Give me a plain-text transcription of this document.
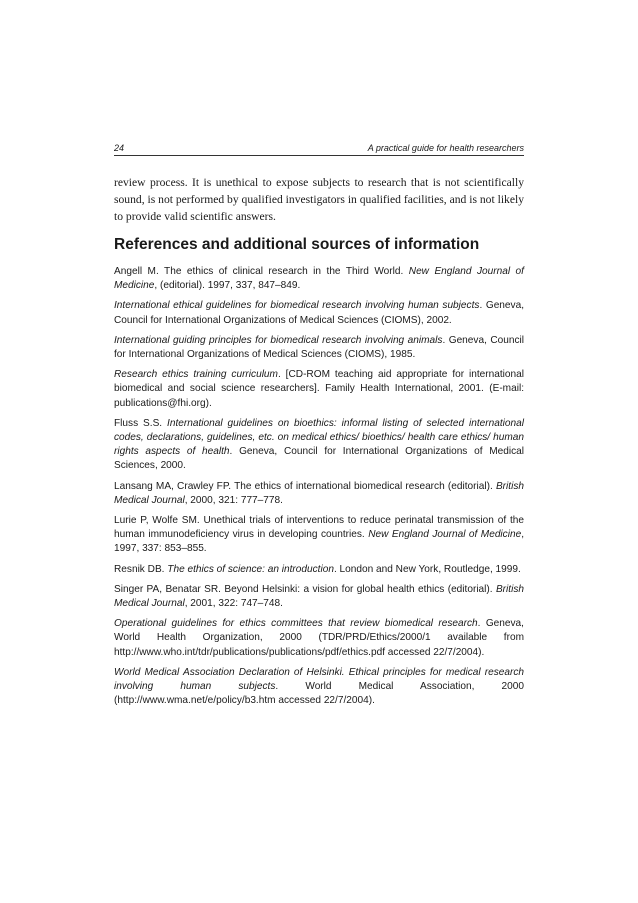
24	A practical guide for health researchers

review process. It is unethical to expose subjects to research that is not scientifically sound, is not performed by qualified investigators in qualified facilities, and is not likely to provide valid scientific answers.

References and additional sources of information
Angell M. The ethics of clinical research in the Third World. New England Journal of Medicine, (editorial). 1997, 337, 847–849.
International ethical guidelines for biomedical research involving human subjects. Geneva, Council for International Organizations of Medical Sciences (CIOMS), 2002.
International guiding principles for biomedical research involving animals. Geneva, Council for International Organizations of Medical Sciences (CIOMS), 1985.
Research ethics training curriculum. [CD-ROM teaching aid appropriate for international biomedical and social science researchers]. Family Health International, 2001. (E-mail: publications@fhi.org).
Fluss S.S. International guidelines on bioethics: informal listing of selected international codes, declarations, guidelines, etc. on medical ethics/ bioethics/ health care ethics/ human rights aspects of health. Geneva, Council for International Organizations of Medical Sciences, 2000.
Lansang MA, Crawley FP. The ethics of international biomedical research (editorial). British Medical Journal, 2000, 321: 777–778.
Lurie P, Wolfe SM. Unethical trials of interventions to reduce perinatal transmission of the human immunodeficiency virus in developing countries. New England Journal of Medicine, 1997, 337: 853–855.
Resnik DB. The ethics of science: an introduction. London and New York, Routledge, 1999.
Singer PA, Benatar SR. Beyond Helsinki: a vision for global health ethics (editorial). British Medical Journal, 2001, 322: 747–748.
Operational guidelines for ethics committees that review biomedical research. Geneva, World Health Organization, 2000 (TDR/PRD/Ethics/2000/1 available from http://www.who.int/tdr/publications/publications/pdf/ethics.pdf accessed 22/7/2004).
World Medical Association Declaration of Helsinki. Ethical principles for medical research involving human subjects. World Medical Association, 2000 (http://www.wma.net/e/policy/b3.htm accessed 22/7/2004).
